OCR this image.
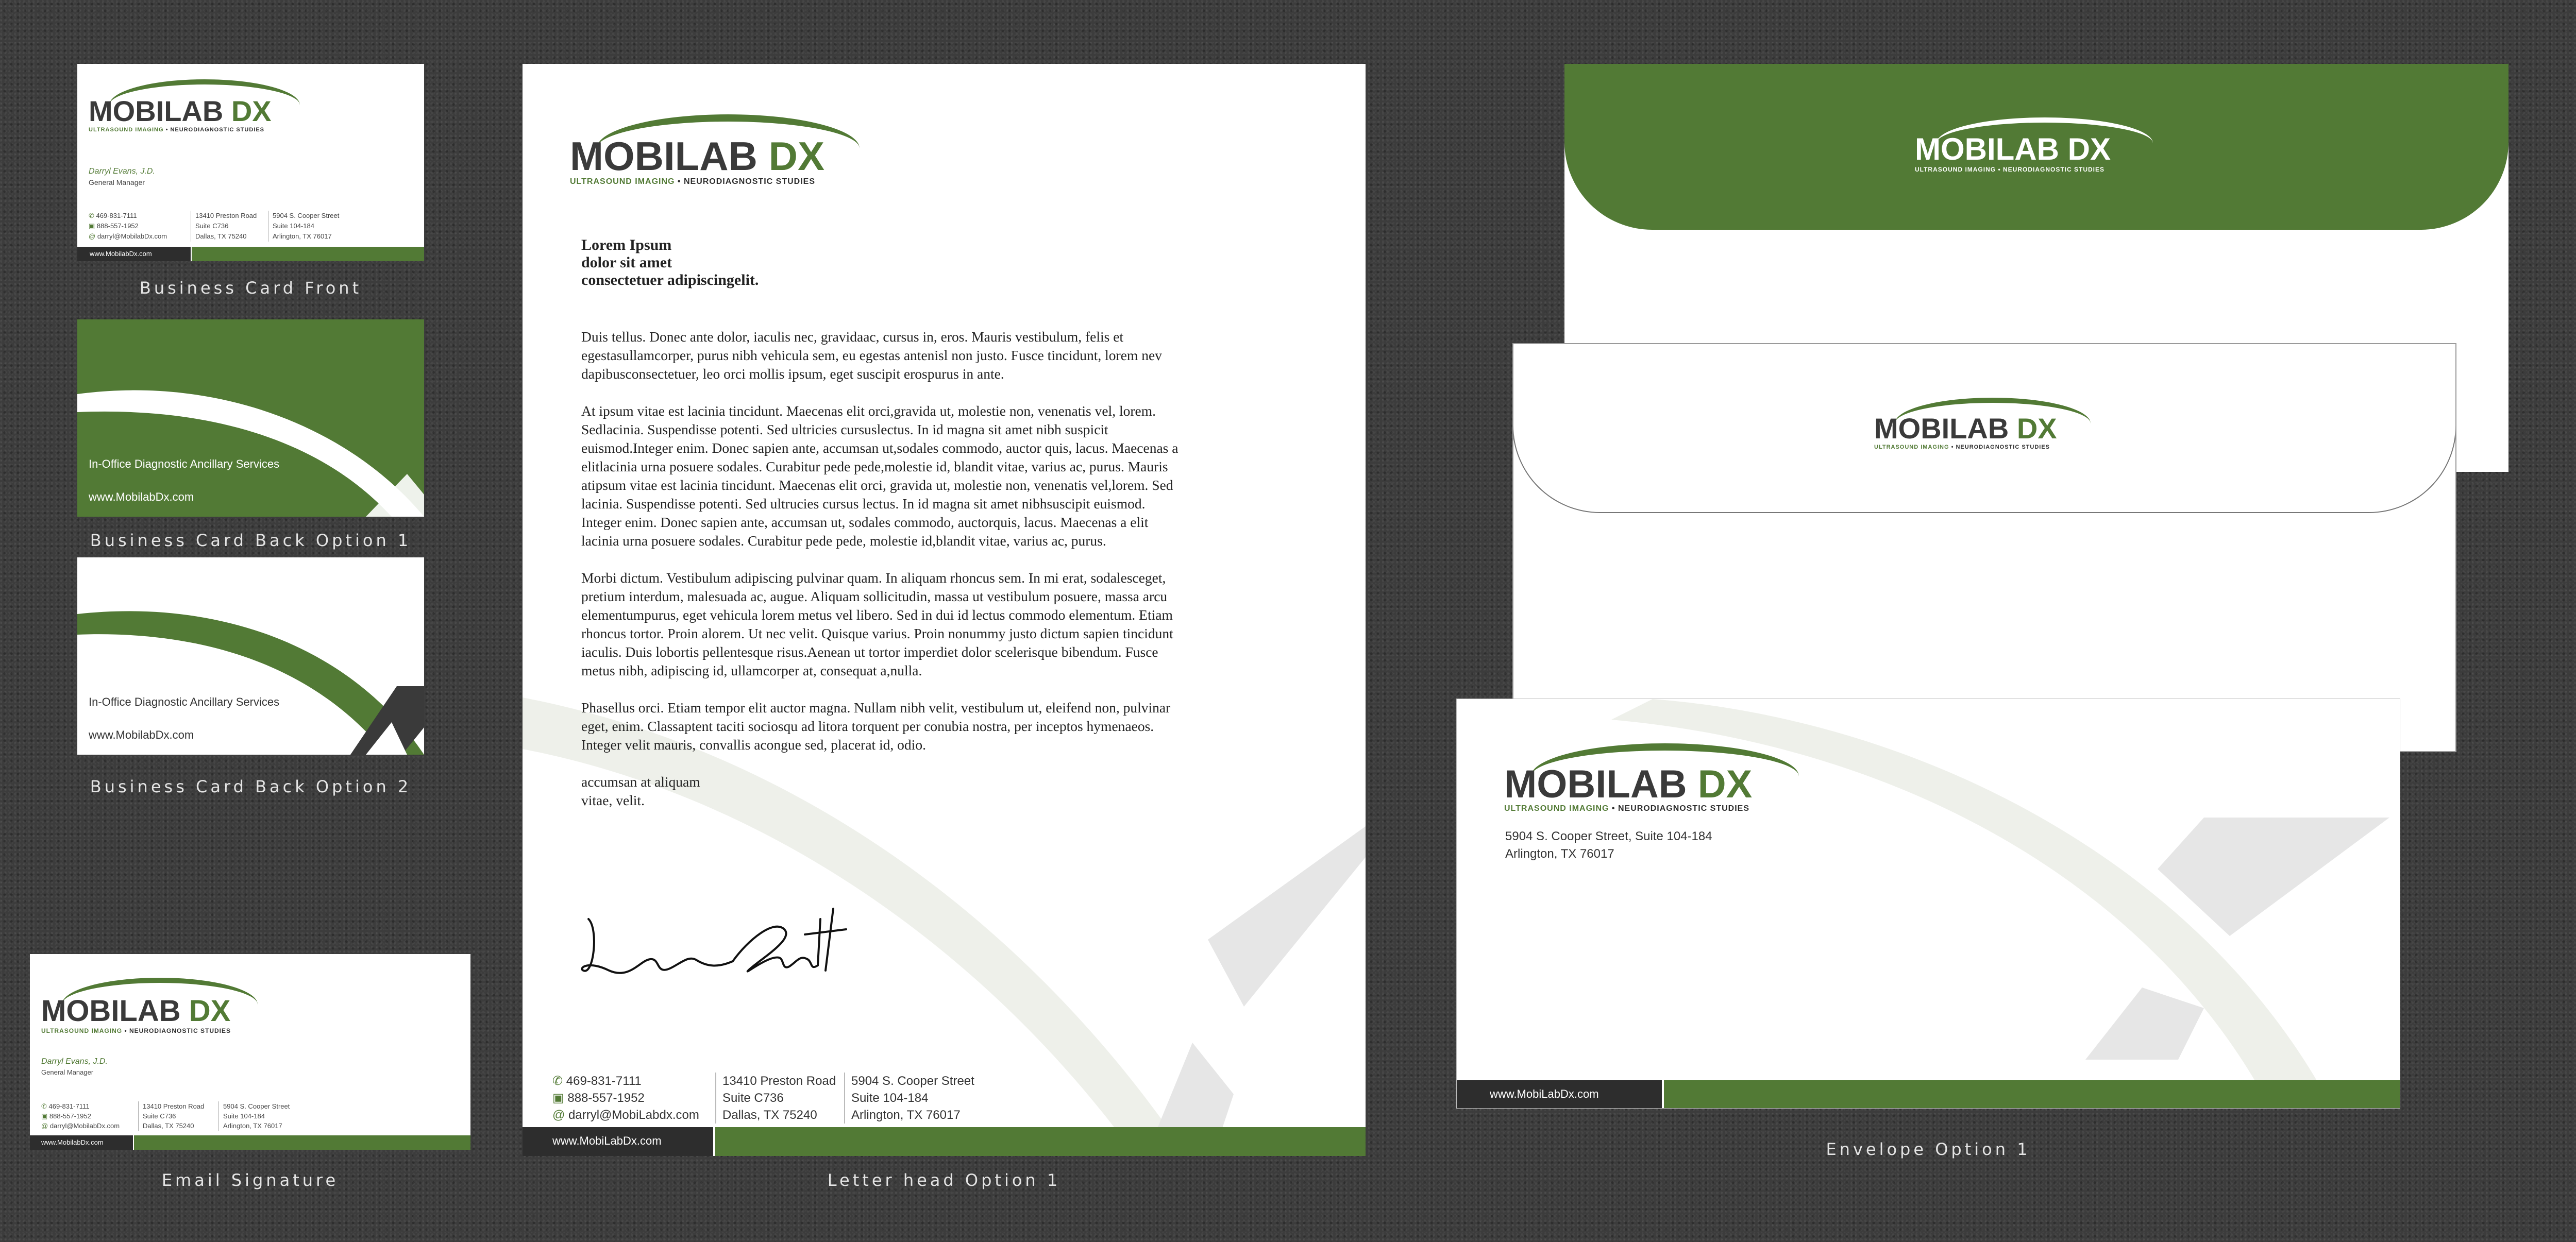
MOBILAB DX
ULTRASOUND IMAGING • NEURODIAGNOSTIC STUDIES
Darryl Evans, J.D.
General Manager
✆ 469-831-7111
▣ 888-557-1952
@ darryl@MobilabDx.com
13410 Preston Road
Suite C736
Dallas, TX 75240
5904 S. Cooper Street
Suite 104-184
Arlington, TX 76017
www.MobilabDx.com
Business Card Front
In-Office Diagnostic Ancillary Services
www.MobilabDx.com
Business Card Back Option 1
In-Office Diagnostic Ancillary Services
www.MobilabDx.com
Business Card Back Option 2
MOBILAB DX
ULTRASOUND IMAGING • NEURODIAGNOSTIC STUDIES
Darryl Evans, J.D.
General Manager
✆ 469-831-7111
▣ 888-557-1952
@ darryl@MobilabDx.com
13410 Preston Road
Suite C736
Dallas, TX 75240
5904 S. Cooper Street
Suite 104-184
Arlington, TX 76017
www.MobilabDx.com
Email Signature
MOBILAB DX
ULTRASOUND IMAGING • NEURODIAGNOSTIC STUDIES
Lorem Ipsum
dolor sit amet
consectetuer adipiscingelit.

Duis tellus. Donec ante dolor, iaculis nec, gravidaac, cursus in, eros. Mauris vestibulum, felis et egestasullamcorper, purus nibh vehicula sem, eu egestas antenisl non justo. Fusce tincidunt, lorem nev dapibusconsectetuer, leo orci mollis ipsum, eget suscipit erospurus in ante.

At ipsum vitae est lacinia tincidunt. Maecenas elit orci,gravida ut, molestie non, venenatis vel, lorem. Sedlacinia. Suspendisse potenti. Sed ultricies cursuslectus. In id magna sit amet nibh suspicit euismod.Integer enim. Donec sapien ante, accumsan ut,sodales commodo, auctor quis, lacus. Maecenas a elitlacinia urna posuere sodales. Curabitur pede pede,molestie id, blandit vitae, varius ac, purus. Mauris atipsum vitae est lacinia tincidunt. Maecenas elit orci, gravida ut, molestie non, venenatis vel,lorem. Sed lacinia. Suspendisse potenti. Sed ultrucies cursus lectus. In id magna sit amet nibhsuscipit euismod. Integer enim. Donec sapien ante, accumsan ut, sodales commodo, auctorquis, lacus. Maecenas a elit lacinia urna posuere sodales. Curabitur pede pede, molestie id,blandit vitae, varius ac, purus.

Morbi dictum. Vestibulum adipiscing pulvinar quam. In aliquam rhoncus sem. In mi erat, sodalesceget, pretium interdum, malesuada ac, augue. Aliquam sollicitudin, massa ut vestibulum posuere, massa arcu elementumpurus, eget vehicula lorem metus vel libero. Sed in dui id lectus commodo elementum. Etiam rhoncus tortor. Proin alorem. Ut nec velit. Quisque varius. Proin nonummy justo dictum sapien tincidunt iaculis. Duis lobortis pellentesque risus.Aenean ut tortor imperdiet dolor scelerisque bibendum. Fusce metus nibh, adipiscing id, ullamcorper at, consequat a,nulla.

Phasellus orci. Etiam tempor elit auctor magna. Nullam nibh velit, vestibulum ut, eleifend non, pulvinar eget, enim. Classaptent taciti sociosqu ad litora torquent per conubia nostra, per inceptos hymenaeos. Integer velit mauris, convallis acongue sed, placerat id, odio.

accumsan at aliquam
vitae, velit.
✆ 469-831-7111
▣ 888-557-1952
@ darryl@MobiLabdx.com
13410 Preston Road
Suite C736
Dallas, TX 75240
5904 S. Cooper Street
Suite 104-184
Arlington, TX 76017
www.MobiLabDx.com
Letter head Option 1
MOBILAB DX
ULTRASOUND IMAGING • NEURODIAGNOSTIC STUDIES
MOBILAB DX
ULTRASOUND IMAGING • NEURODIAGNOSTIC STUDIES
MOBILAB DX
ULTRASOUND IMAGING • NEURODIAGNOSTIC STUDIES
5904 S. Cooper Street, Suite 104-184
Arlington, TX 76017
www.MobiLabDx.com
Envelope Option 1
